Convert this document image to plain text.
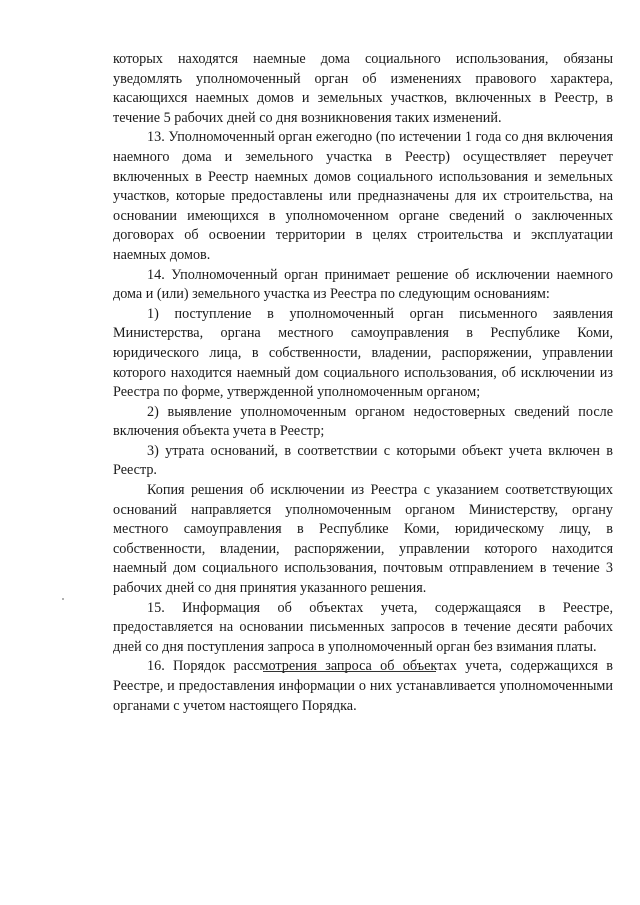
которых находятся наемные дома социального использования, обязаны уведомлять уполномоченный орган об изменениях правового характера, касающихся наемных домов и земельных участков, включенных в Реестр, в течение 5 рабочих дней со дня возникновения таких изменений.

13. Уполномоченный орган ежегодно (по истечении 1 года со дня включения наемного дома и земельного участка в Реестр) осуществляет переучет включенных в Реестр наемных домов социального использования и земельных участков, которые предоставлены или предназначены для их строительства, на основании имеющихся в уполномоченном органе сведений о заключенных договорах об освоении территории в целях строительства и эксплуатации наемных домов.

14. Уполномоченный орган принимает решение об исключении наемного дома и (или) земельного участка из Реестра по следующим основаниям:

1) поступление в уполномоченный орган письменного заявления Министерства, органа местного самоуправления в Республике Коми, юридического лица, в собственности, владении, распоряжении, управлении которого находится наемный дом социального использования, об исключении из Реестра по форме, утвержденной уполномоченным органом;

2) выявление уполномоченным органом недостоверных сведений после включения объекта учета в Реестр;

3) утрата оснований, в соответствии с которыми объект учета включен в Реестр.

Копия решения об исключении из Реестра с указанием соответствующих оснований направляется уполномоченным органом Министерству, органу местного самоуправления в Республике Коми, юридическому лицу, в собственности, владении, распоряжении, управлении которого находится наемный дом социального использования, почтовым отправлением в течение 3 рабочих дней со дня принятия указанного решения.

15. Информация об объектах учета, содержащаяся в Реестре, предоставляется на основании письменных запросов в течение десяти рабочих дней со дня поступления запроса в уполномоченный орган без взимания платы.

16. Порядок рассмотрения запроса об объектах учета, содержащихся в Реестре, и предоставления информации о них устанавливается уполномоченными органами с учетом настоящего Порядка.
